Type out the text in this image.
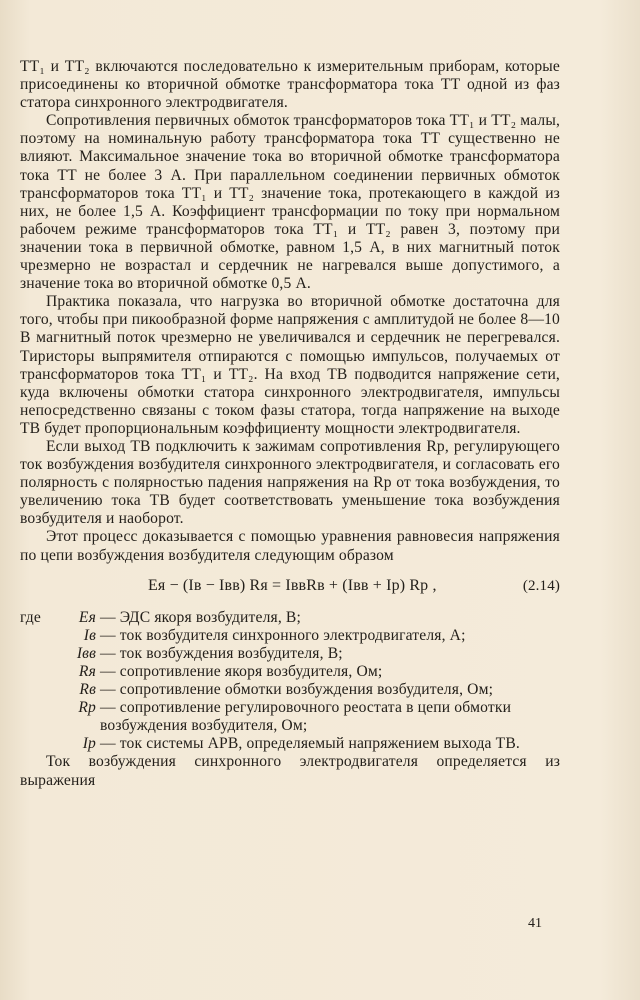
TT₁ и TT₂ включаются последовательно к измерительным приборам, которые присоединены ко вторичной обмотке трансформатора тока TT одной из фаз статора синхронного электродвигателя.

Сопротивления первичных обмоток трансформаторов тока TT₁ и TT₂ малы, поэтому на номинальную работу трансформатора тока TT существенно не влияют. Максимальное значение тока во вторичной обмотке трансформатора тока TT не более 3 А. При параллельном соединении первичных обмоток трансформаторов тока TT₁ и TT₂ значение тока, протекающего в каждой из них, не более 1,5 А. Коэффициент трансформации по току при нормальном рабочем режиме трансформаторов тока TT₁ и TT₂ равен 3, поэтому при значении тока в первичной обмотке, равном 1,5 А, в них магнитный поток чрезмерно не возрастал и сердечник не нагревался выше допустимого, а значение тока во вторичной обмотке 0,5 А.

Практика показала, что нагрузка во вторичной обмотке достаточна для того, чтобы при пикообразной форме напряжения с амплитудой не более 8—10 В магнитный поток чрезмерно не увеличивался и сердечник не перегревался. Тиристоры выпрямителя отпираются с помощью импульсов, получаемых от трансформаторов тока TT₁ и TT₂. На вход ТВ подводится напряжение сети, куда включены обмотки статора синхронного электродвигателя, импульсы непосредственно связаны с током фазы статора, тогда напряжение на выходе ТВ будет пропорциональным коэффициенту мощности электродвигателя.

Если выход ТВ подключить к зажимам сопротивления Rр, регулирующего ток возбуждения возбудителя синхронного электродвигателя, и согласовать его полярность с полярностью падения напряжения на Rр от тока возбуждения, то увеличению тока ТВ будет соответствовать уменьшение тока возбуждения возбудителя и наоборот.

Этот процесс доказывается с помощью уравнения равновесия напряжения по цепи возбуждения возбудителя следующим образом

Eя − (Iв − Iвв) Rя = IввRв + (Iвв + Iр) Rр ,	(2.14)
где Eя — ЭДС якоря возбудителя, В;
Iв — ток возбудителя синхронного электродвигателя, А;
Iвв — ток возбуждения возбудителя, В;
Rя — сопротивление якоря возбудителя, Ом;
Rв — сопротивление обмотки возбуждения возбудителя, Ом;
Rр — сопротивление регулировочного реостата в цепи обмотки возбуждения возбудителя, Ом;
Iр — ток системы АРВ, определяемый напряжением выхода ТВ.

Ток возбуждения синхронного электродвигателя определяется из выражения

41
